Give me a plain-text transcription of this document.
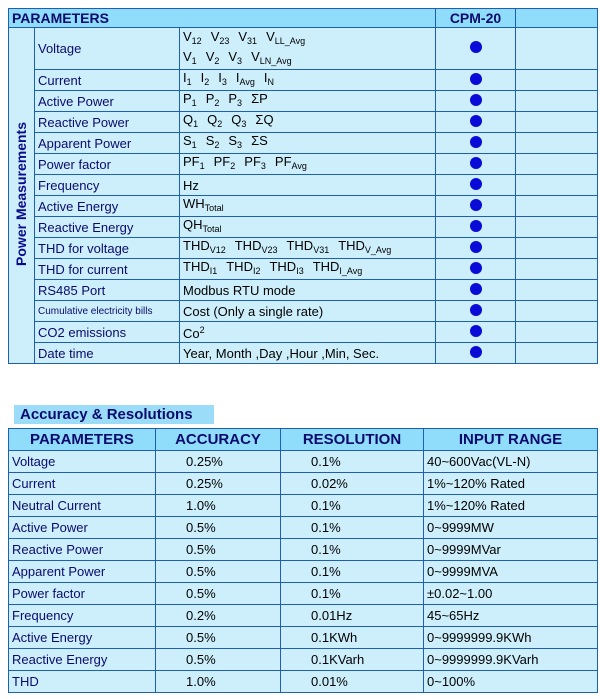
PARAMETERS			CPM-20	
Power Measurements	Voltage	$V_{12}$ $V_{23}$ $V_{31}$ $V_{LL\_Avg}$
$V_1$ $V_2$ $V_3$ $V_{LN\_Avg}$

	Current	$I_1$ $I_2$ $I_3$ $I_{Avg}$ $I_N$

	Active Power	$P_1$ $P_2$ $P_3$ ΣP		

	Reactive Power	$Q_1$ $Q_2$ $Q_3$ ΣQ		

	Apparent Power	$S_1$ $S_2$ $S_3$ ΣS		

	Power factor	$PF_1$ $PF_2$ $PF_3$ $PF_{Avg}$

	Frequency	Hz		

	Active Energy	$WH_{Total}$

	Reactive Energy	$QH_{Total}$

	THD for voltage	$THD_{V12}$ $THD_{V23}$ $THD_{V31}$ $THD_{V\_Avg}$

	THD for current	$THD_{I1}$ $THD_{I2}$ $THD_{I3}$ $THD_{I\_Avg}$

	RS485 Port	Modbus RTU mode		

	Cumulative electricity bills	Cost (Only a single rate)		

	CO2 emissions	Co$^2$

	Date time	Year, Month ,Day ,Hour ,Min, Sec.		

Accuracy & Resolutions
PARAMETERS	ACCURACY	RESOLUTION	INPUT RANGE
Voltage	0.25%	0.1%	40~600Vac(VL-N)
Current	0.25%	0.02%	1%~120% Rated
Neutral Current	1.0%	0.1%	1%~120% Rated
Active Power	0.5%	0.1%	0~9999MW
Reactive Power	0.5%	0.1%	0~9999MVar
Apparent Power	0.5%	0.1%	0~9999MVA
Power factor	0.5%	0.1%	±0.02~1.00
Frequency	0.2%	0.01Hz	45~65Hz
Active Energy	0.5%	0.1KWh	0~9999999.9KWh
Reactive Energy	0.5%	0.1KVarh	0~9999999.9KVarh
THD	1.0%	0.01%	0~100%
